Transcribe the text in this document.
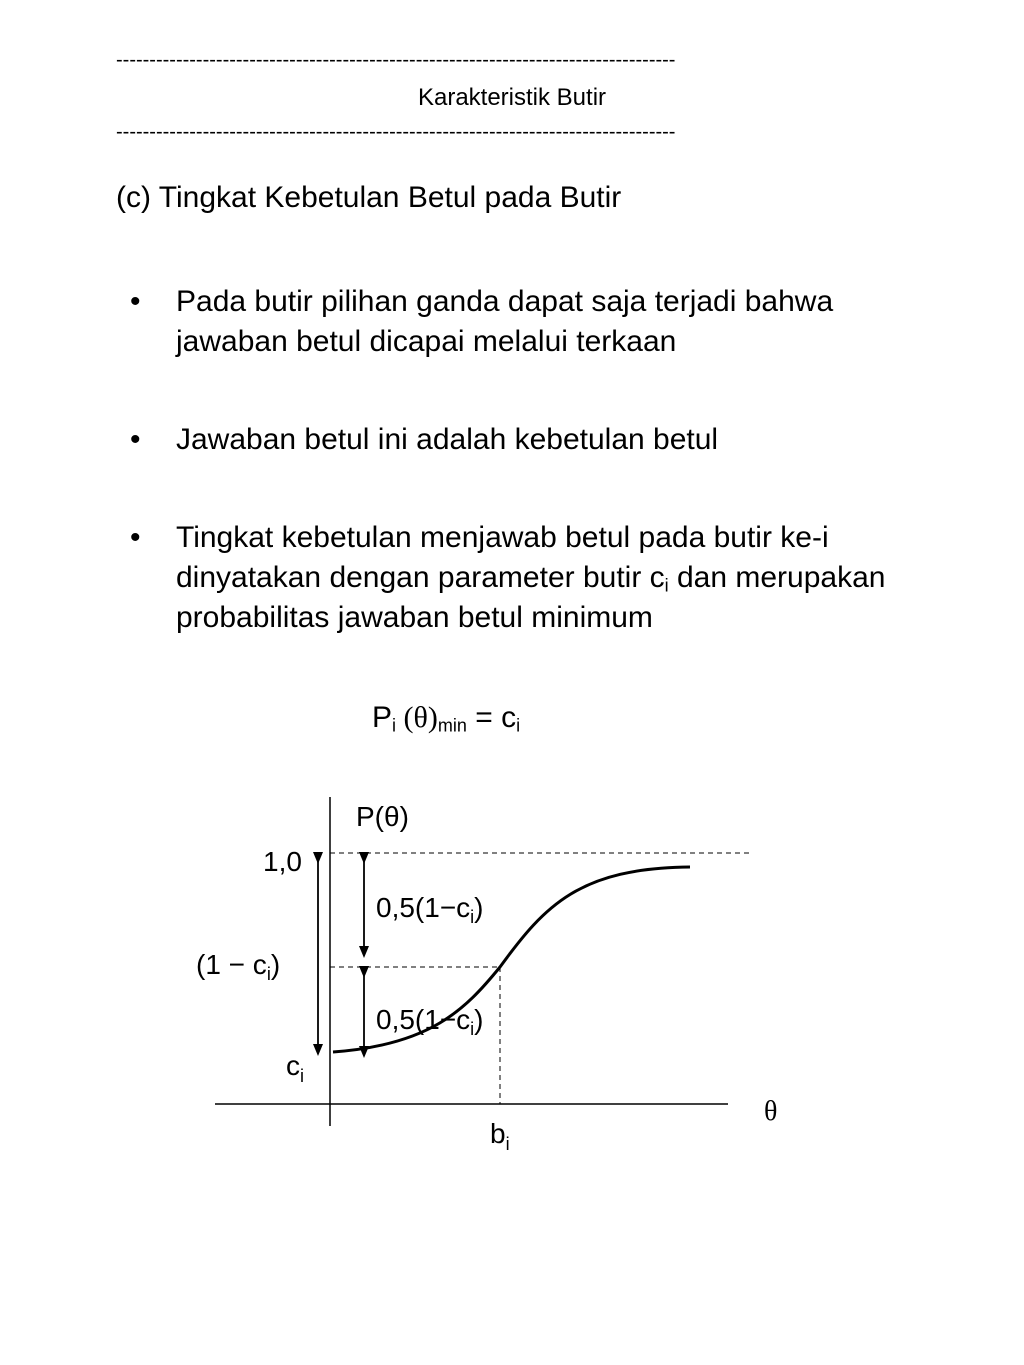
------------------------------------------------------------------------------------
Karakteristik Butir
------------------------------------------------------------------------------------
(c) Tingkat Kebetulan Betul pada Butir
• Pada butir pilihan ganda dapat saja terjadi bahwa jawaban betul dicapai melalui terkaan
• Jawaban betul ini adalah kebetulan betul
• Tingkat kebetulan menjawab betul pada butir ke-i dinyatakan dengan parameter butir $c_i$ dan merupakan probabilitas jawaban betul minimum
$P_i$ $(\theta)_{min} = c_i$
P(θ)
θ
1,0
$(1 - c_i)$
$0,5(1-c_i)$
$0,5(1-c_i)$
$c_i$
$b_i$
